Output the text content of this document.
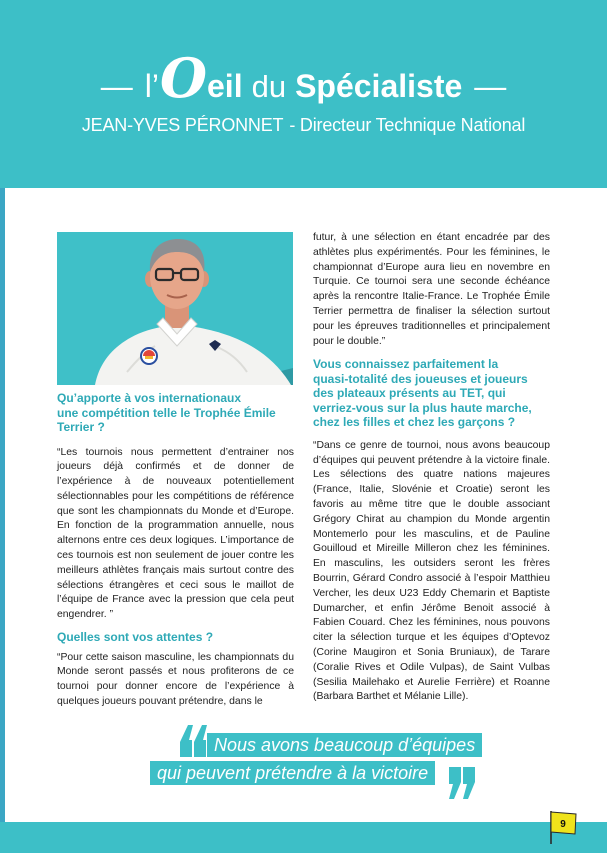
— l’ O eil du Spécialiste —
JEAN-YVES PÉRONNET - Directeur Technique National

Qu’apporte à vos internationaux
une compétition telle le Trophée Émile
Terrier ?

“Les tournois nous permettent d’entrainer nos joueurs déjà confirmés et de donner de l’expérience à de nouveaux potentiellement sélectionnables pour les compétitions de référence que sont les championnats du Monde et d’Europe. En fonction de la programmation annuelle, nous alternons entre ces deux logiques. L’importance de ces tournois est non seulement de jouer contre les meilleurs athlètes français mais surtout contre des sélections étrangères et ceci sous le maillot de l’équipe de France avec la pression que cela peut engendrer. ”

Quelles sont vos attentes ?

“Pour cette saison masculine, les championnats du Monde seront passés et nous profiterons de ce tournoi pour donner encore de l’expérience à quelques joueurs pouvant prétendre, dans le

futur, à une sélection en étant encadrée par des athlètes plus expérimentés. Pour les féminines, le championnat d’Europe aura lieu en novembre en Turquie. Ce tournoi sera une seconde échéance après la rencontre Italie-France. Le Trophée Émile Terrier permettra de finaliser la sélection surtout pour les épreuves traditionnelles et principalement pour le double.”

Vous connaissez parfaitement la
quasi-totalité des joueuses et joueurs
des plateaux présents au TET, qui
verriez-vous sur la plus haute marche,
chez les filles et chez les garçons ?

“Dans ce genre de tournoi, nous avons beaucoup d’équipes qui peuvent prétendre à la victoire finale. Les sélections des quatre nations majeures (France, Italie, Slovénie et Croatie) seront les favoris au même titre que le double associant Grégory Chirat au champion du Monde argentin Montemerlo pour les masculins, et de Pauline Gouilloud et Mireille Milleron chez les féminines. En masculins, les outsiders seront les frères Bourrin, Gérard Condro associé à l’espoir Matthieu Vercher, les deux U23 Eddy Chemarin et Baptiste Dumarcher, et enfin Jérôme Benoit associé à Fabien Couard. Chez les féminines, nous pouvons citer la sélection turque et les équipes d’Optevoz (Corine Maugiron et Sonia Bruniaux), de Tarare (Coralie Rives et Odile Vulpas), de Saint Vulbas (Sesilia Mailehako et Aurelie Ferrière) et Roanne (Barbara Barthet et Mélanie Lille).

Nous avons beaucoup d’équipes
qui peuvent prétendre à la victoire
9
